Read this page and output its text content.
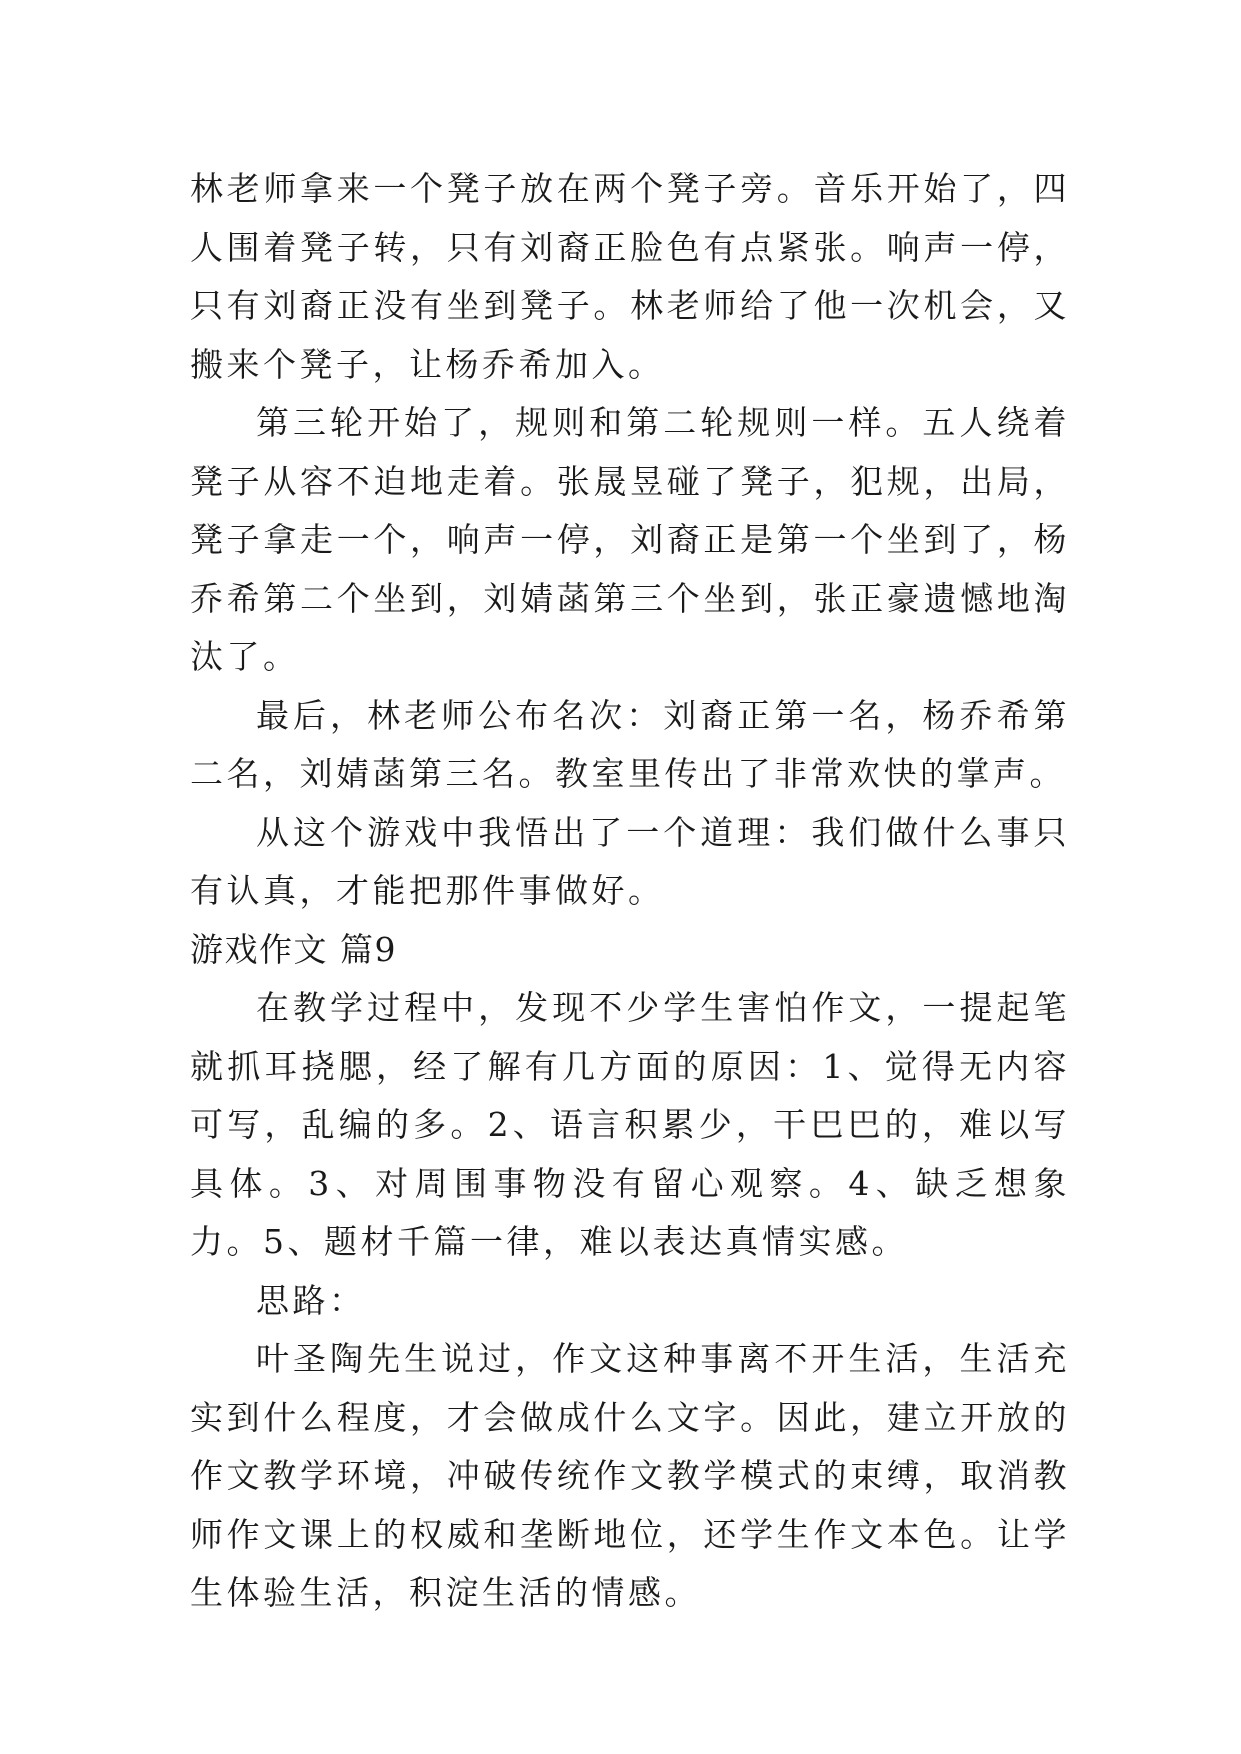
林老师拿来一个凳子放在两个凳子旁。音乐开始了，四人围着凳子转，只有刘裔正脸色有点紧张。响声一停，只有刘裔正没有坐到凳子。林老师给了他一次机会，又搬来个凳子，让杨乔希加入。

第三轮开始了，规则和第二轮规则一样。五人绕着凳子从容不迫地走着。张晟昱碰了凳子，犯规，出局，凳子拿走一个，响声一停，刘裔正是第一个坐到了，杨乔希第二个坐到，刘婧菡第三个坐到，张正豪遗憾地淘汰了。

最后，林老师公布名次：刘裔正第一名，杨乔希第二名，刘婧菡第三名。教室里传出了非常欢快的掌声。

从这个游戏中我悟出了一个道理：我们做什么事只有认真，才能把那件事做好。

游戏作文 篇9

在教学过程中，发现不少学生害怕作文，一提起笔就抓耳挠腮，经了解有几方面的原因：1、觉得无内容可写，乱编的多。2、语言积累少，干巴巴的，难以写具体。3、对周围事物没有留心观察。4、缺乏想象力。5、题材千篇一律，难以表达真情实感。

思路：

叶圣陶先生说过，作文这种事离不开生活，生活充实到什么程度，才会做成什么文字。因此，建立开放的作文教学环境，冲破传统作文教学模式的束缚，取消教师作文课上的权威和垄断地位，还学生作文本色。让学生体验生活，积淀生活的情感。
